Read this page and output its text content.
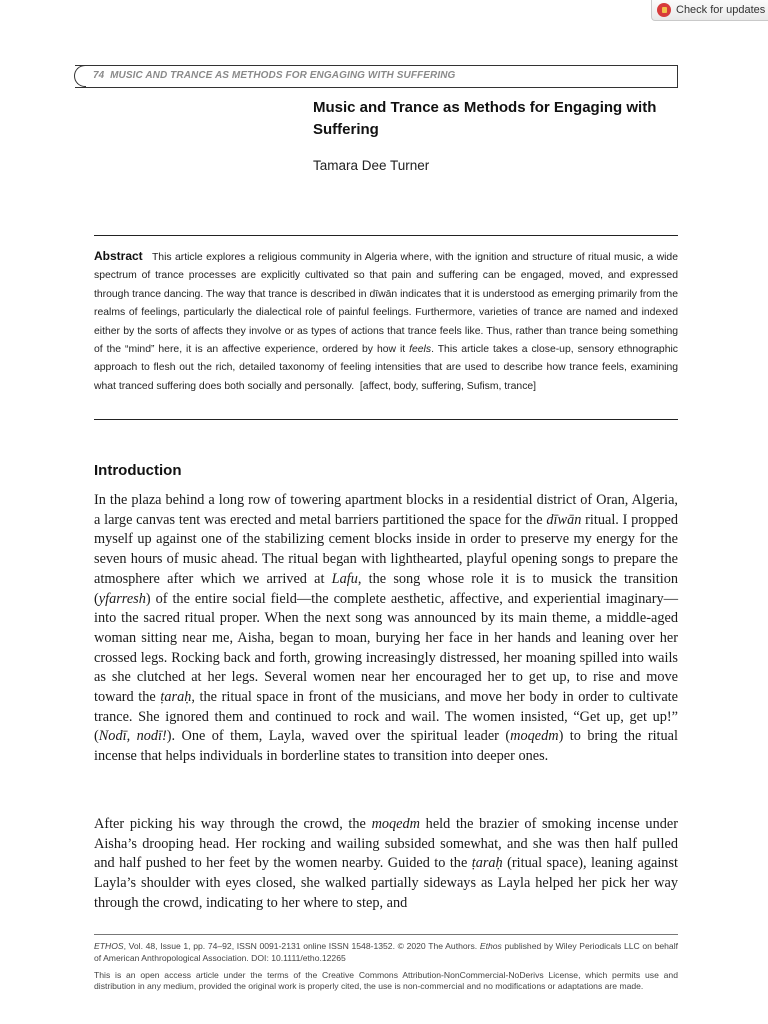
Check for updates
74 MUSIC AND TRANCE AS METHODS FOR ENGAGING WITH SUFFERING
Music and Trance as Methods for Engaging with Suffering
Tamara Dee Turner
Abstract This article explores a religious community in Algeria where, with the ignition and structure of ritual music, a wide spectrum of trance processes are explicitly cultivated so that pain and suffering can be engaged, moved, and expressed through trance dancing. The way that trance is described in dīwān indicates that it is understood as emerging primarily from the realms of feelings, particularly the dialectical role of painful feelings. Furthermore, varieties of trance are named and indexed either by the sorts of affects they involve or as types of actions that trance feels like. Thus, rather than trance being something of the “mind” here, it is an affective experience, ordered by how it feels. This article takes a close-up, sensory ethnographic approach to flesh out the rich, detailed taxonomy of feeling intensities that are used to describe how trance feels, examining what tranced suffering does both socially and personally. [affect, body, suffering, Sufism, trance]
Introduction
In the plaza behind a long row of towering apartment blocks in a residential district of Oran, Algeria, a large canvas tent was erected and metal barriers partitioned the space for the dīwān ritual. I propped myself up against one of the stabilizing cement blocks inside in order to preserve my energy for the seven hours of music ahead. The ritual began with lighthearted, playful opening songs to prepare the atmosphere after which we arrived at Lafu, the song whose role it is to musick the transition (yfarresh) of the entire social field—the complete aesthetic, affective, and experiential imaginary—into the sacred ritual proper. When the next song was announced by its main theme, a middle-aged woman sitting near me, Aisha, began to moan, burying her face in her hands and leaning over her crossed legs. Rocking back and forth, growing increasingly distressed, her moaning spilled into wails as she clutched at her legs. Several women near her encouraged her to get up, to rise and move toward the ṭaraḥ, the ritual space in front of the musicians, and move her body in order to cultivate trance. She ignored them and continued to rock and wail. The women insisted, “Get up, get up!” (Nodī, nodī!). One of them, Layla, waved over the spiritual leader (moqedm) to bring the ritual incense that helps individuals in borderline states to transition into deeper ones.
After picking his way through the crowd, the moqedm held the brazier of smoking incense under Aisha’s drooping head. Her rocking and wailing subsided somewhat, and she was then half pulled and half pushed to her feet by the women nearby. Guided to the ṭaraḥ (ritual space), leaning against Layla’s shoulder with eyes closed, she walked partially sideways as Layla helped her pick her way through the crowd, indicating to her where to step, and
ETHOS, Vol. 48, Issue 1, pp. 74–92, ISSN 0091-2131 online ISSN 1548-1352. © 2020 The Authors. Ethos published by Wiley Periodicals LLC on behalf of American Anthropological Association. DOI: 10.1111/etho.12265
This is an open access article under the terms of the Creative Commons Attribution-NonCommercial-NoDerivs License, which permits use and distribution in any medium, provided the original work is properly cited, the use is non-commercial and no modifications or adaptations are made.
